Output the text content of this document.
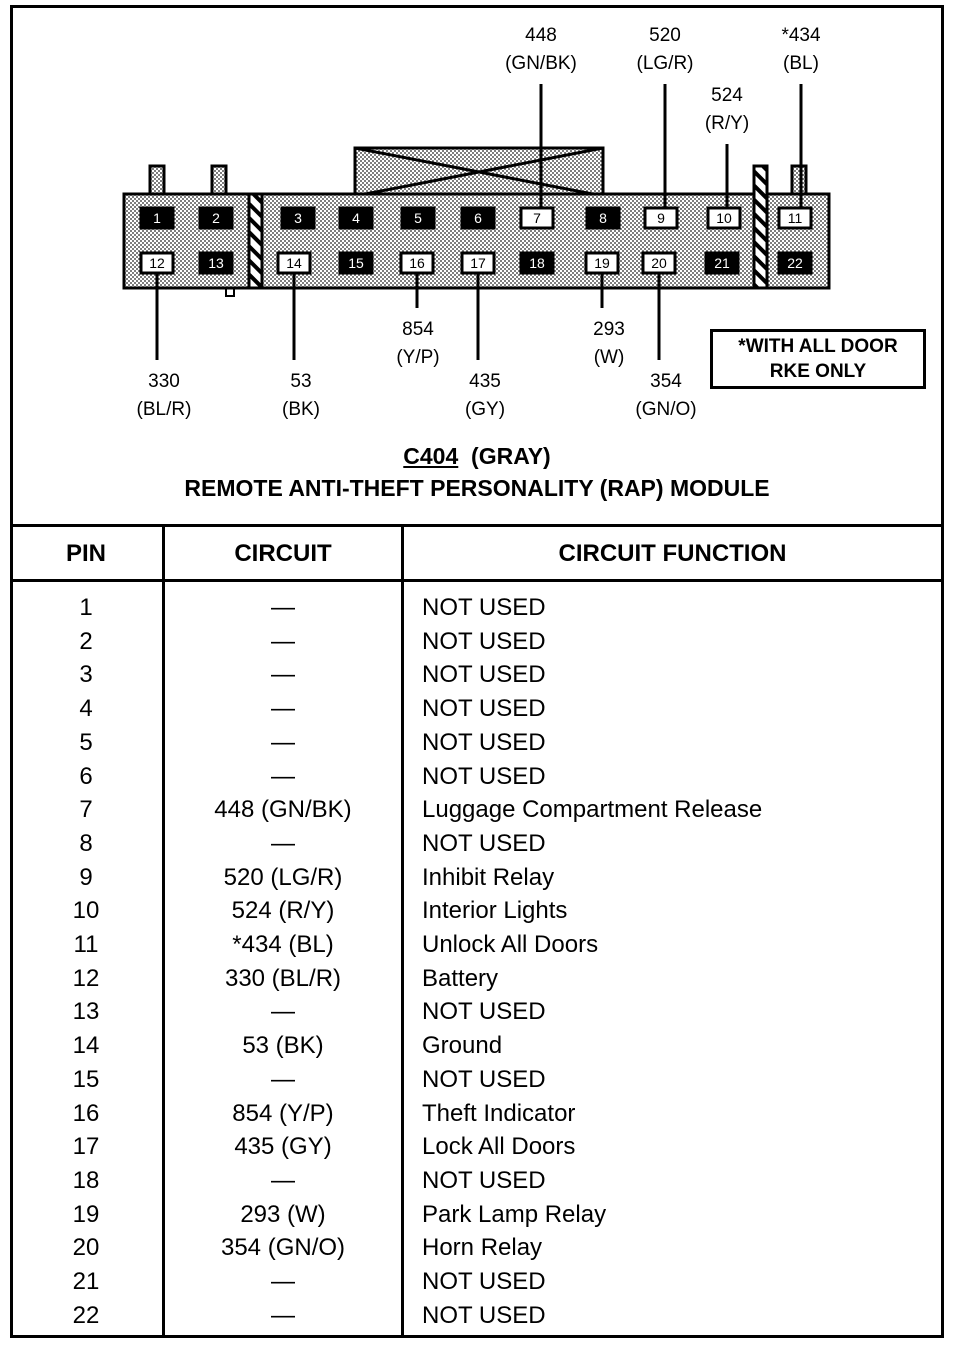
1	2	3	4	5	6	7	8	9	10	11
12	13	14	15	16	17	18	19	20	21	22
448
(GN/BK)
520
(LG/R)
524
(R/Y)
*434
(BL)
330
(BL/R)
53
(BK)
854
(Y/P)
435
(GY)
293
(W)
354
(GN/O)
*WITH ALL DOOR
RKE ONLY
C404 (GRAY)
REMOTE ANTI-THEFT PERSONALITY (RAP) MODULE
PIN	CIRCUIT	CIRCUIT FUNCTION
1	—	NOT USED
2	—	NOT USED
3	—	NOT USED
4	—	NOT USED
5	—	NOT USED
6	—	NOT USED
7	448 (GN/BK)	Luggage Compartment Release
8	—	NOT USED
9	520 (LG/R)	Inhibit Relay
10	524 (R/Y)	Interior Lights
11	*434 (BL)	Unlock All Doors
12	330 (BL/R)	Battery
13	—	NOT USED
14	53 (BK)	Ground
15	—	NOT USED
16	854 (Y/P)	Theft Indicator
17	435 (GY)	Lock All Doors
18	—	NOT USED
19	293 (W)	Park Lamp Relay
20	354 (GN/O)	Horn Relay
21	—	NOT USED
22	—	NOT USED
